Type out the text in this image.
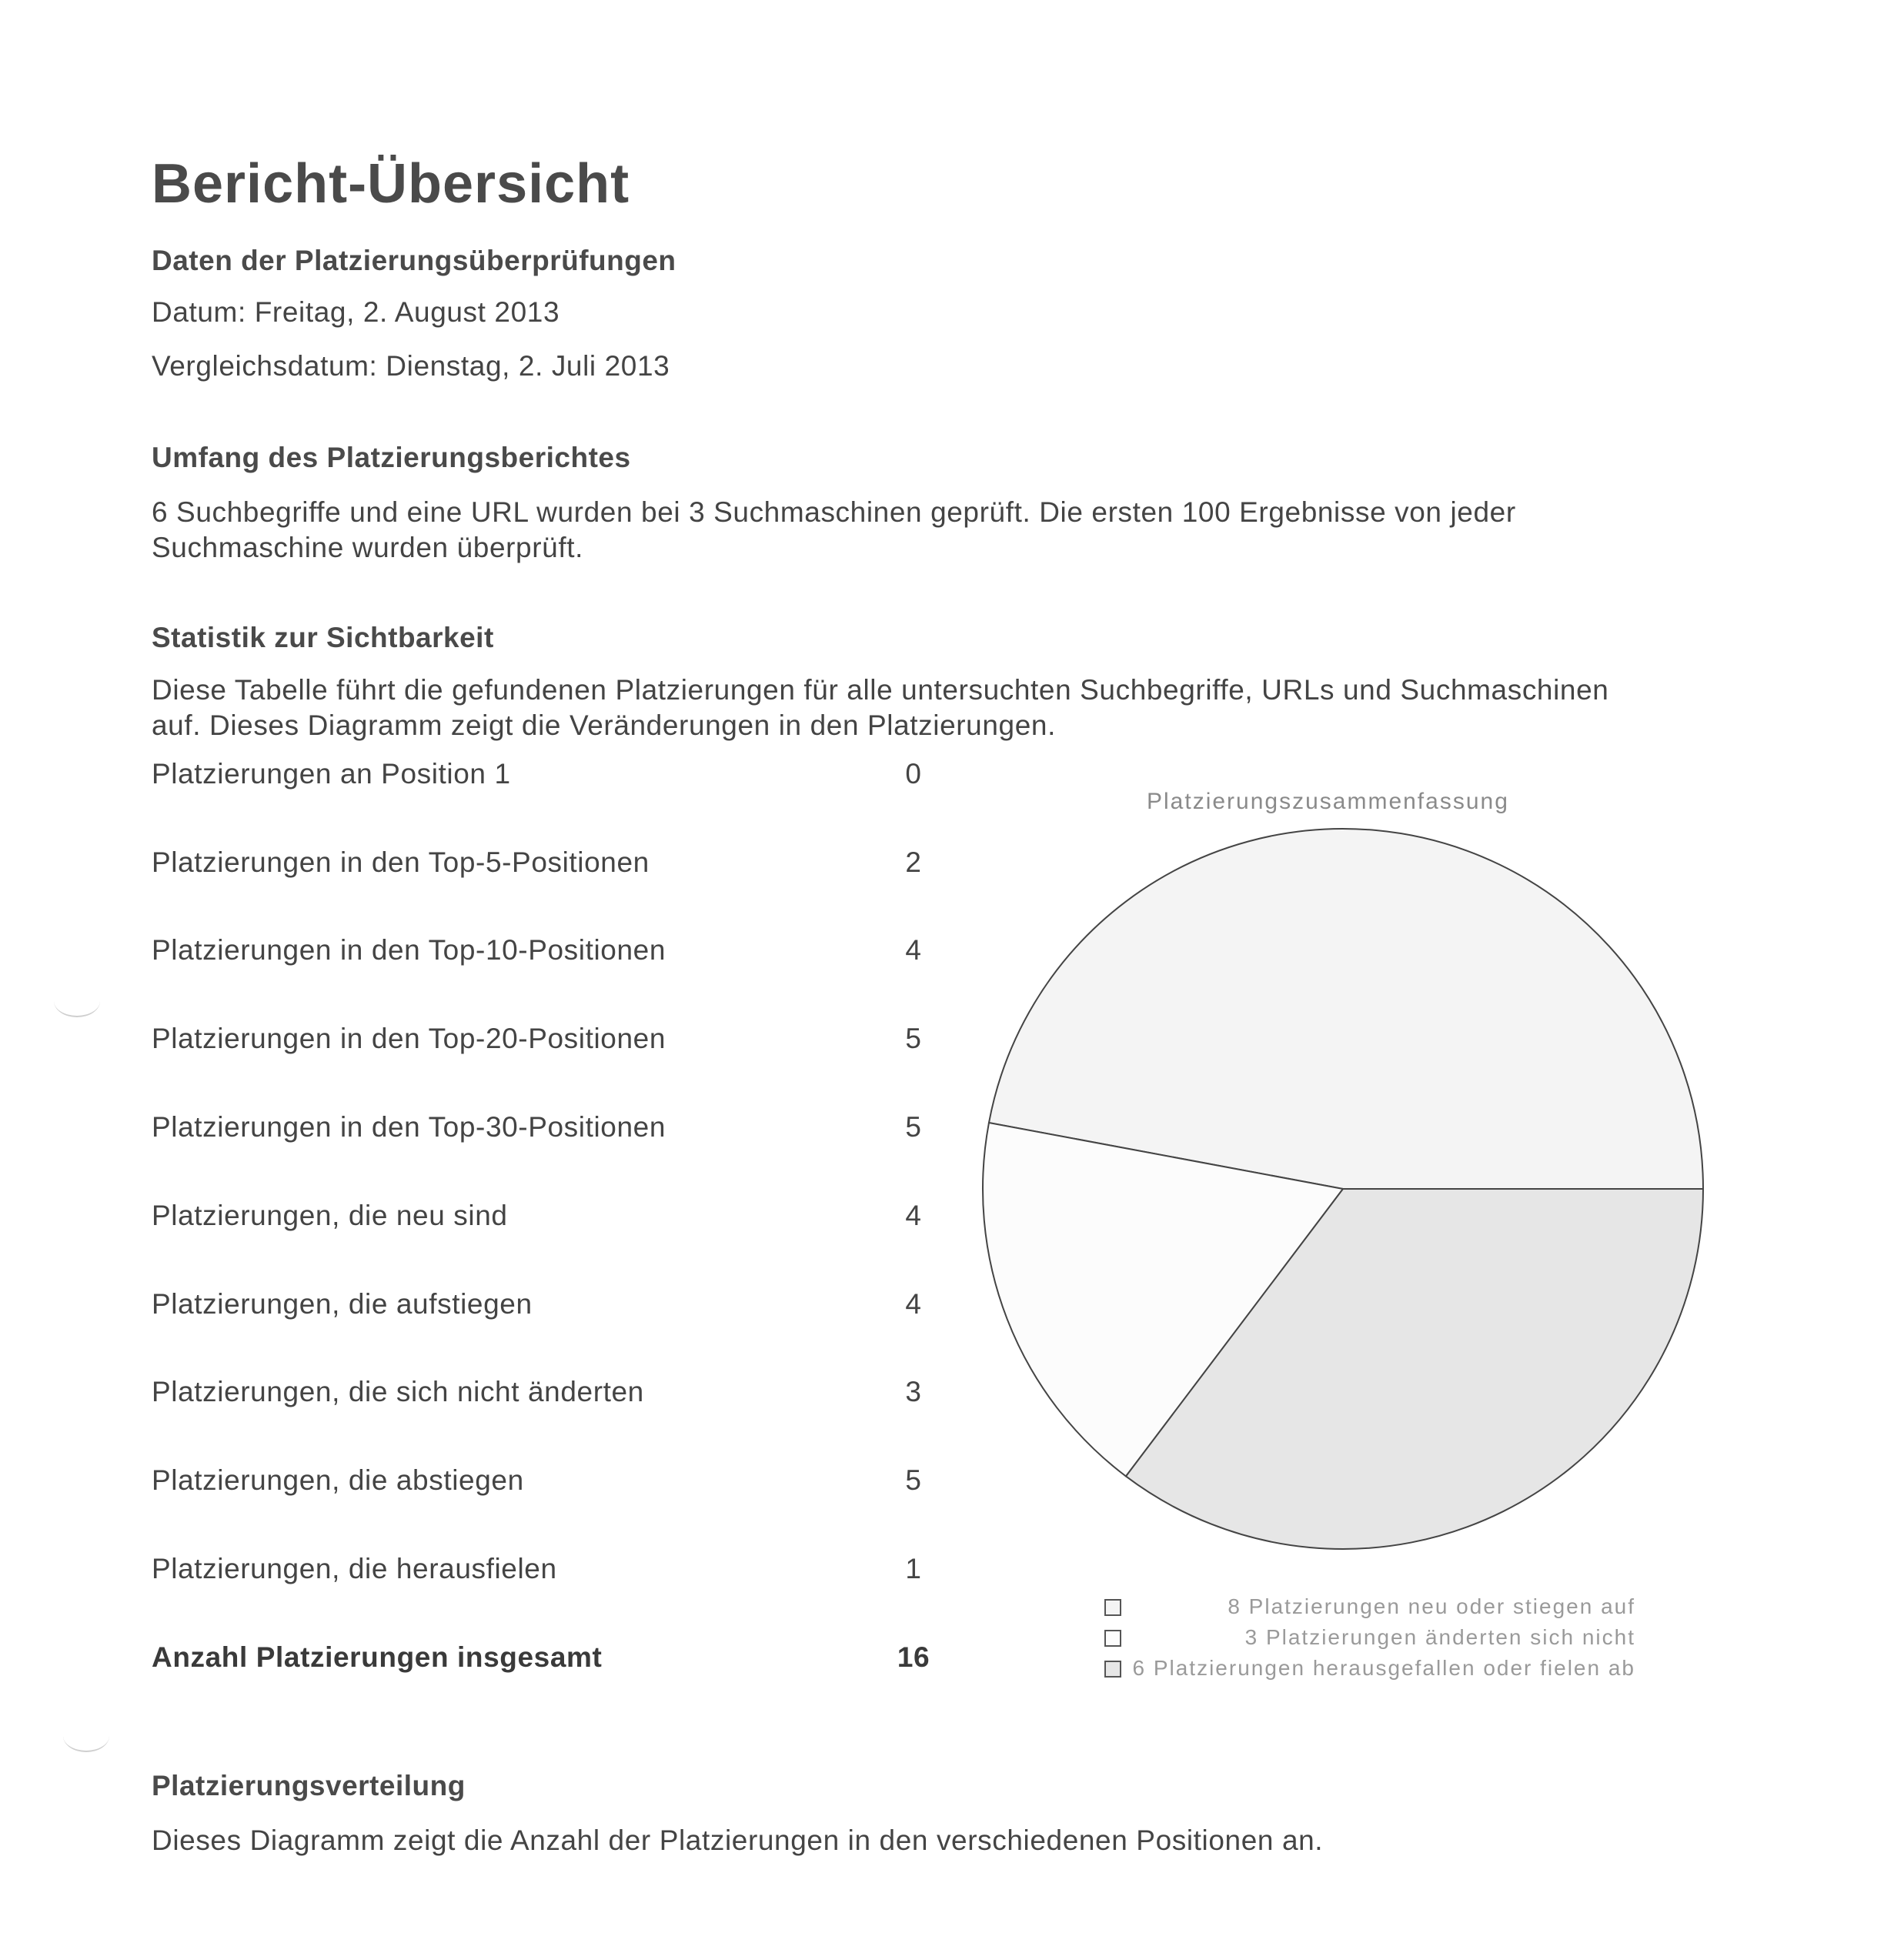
Bericht-Übersicht
Daten der Platzierungsüberprüfungen

Datum: Freitag, 2. August 2013

Vergleichsdatum: Dienstag, 2. Juli 2013

Umfang des Platzierungsberichtes

6 Suchbegriffe und eine URL wurden bei 3 Suchmaschinen geprüft. Die ersten 100 Ergebnisse von jeder

Suchmaschine wurden überprüft.

Statistik zur Sichtbarkeit

Diese Tabelle führt die gefundenen Platzierungen für alle untersuchten Suchbegriffe, URLs und Suchmaschinen

auf. Dieses Diagramm zeigt die Veränderungen in den Platzierungen.

Platzierungen an Position 1	0
Platzierungen in den Top-5-Positionen	2
Platzierungen in den Top-10-Positionen	4
Platzierungen in den Top-20-Positionen	5
Platzierungen in den Top-30-Positionen	5
Platzierungen, die neu sind	4
Platzierungen, die aufstiegen	4
Platzierungen, die sich nicht änderten	3
Platzierungen, die abstiegen	5
Platzierungen, die herausfielen	1
Anzahl Platzierungen insgesamt	16
Platzierungszusammenfassung
8 Platzierungen neu oder stiegen auf
3 Platzierungen änderten sich nicht
6 Platzierungen herausgefallen oder fielen ab
Platzierungsverteilung

Dieses Diagramm zeigt die Anzahl der Platzierungen in den verschiedenen Positionen an.
